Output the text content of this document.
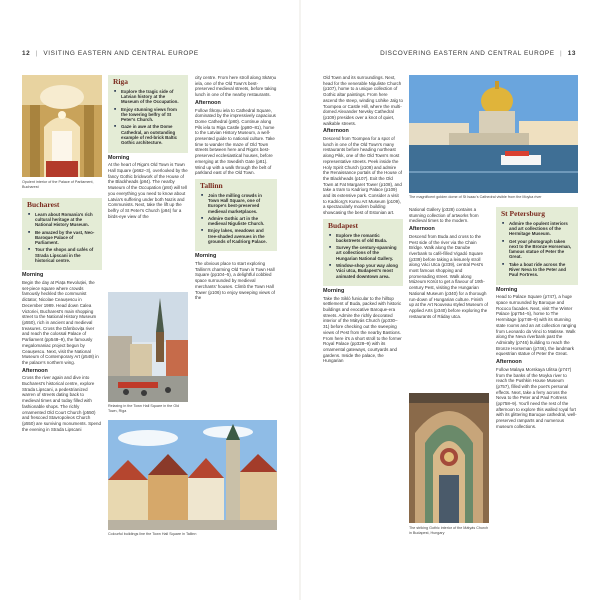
12 | VISITING EASTERN AND CENTRAL EUROPE
Opulent interior of the Palace of Parliament, Bucharest
Bucharest
■ Learn about Romania's rich cultural heritage at the National History Museum.
■ Be amazed by the vast, Neo-Baroque Palace of Parliament.
■ Tour the shops and cafés of Strada Lipscani in the historical centre.
Morning

Begin the day at Piața Revoluției, the set-piece square where crowds famously heckled the communist dictator, Nicolae Ceaușescu in December 1989. Head down Calea Victoriei, Bucharest's main shopping street to the National History Museum (p550), rich in ancient and medieval treasures. Cross the Dâmbovița river and reach the colossal Palace of Parliament (pp548–9), the famously megalomaniac project begun by Ceaușescu. Next, visit the National Museum of Contemporary Art (p548) in the palace's northern wing.

Afternoon

Cross the river again and dive into Bucharest's historical centre, explore Strada Lipscani, a pedestrianized warren of streets dating back to medieval times and today filled with fashionable shops. The richly ornamented Old Court Church (p550) and frescoed Stavropoleos Church (p550) are surviving monuments. Spend the evening in Strada Lipscani

Riga
■ Explore the tragic side of Latvian history at the Museum of the Occupation.
■ Enjoy stunning views from the towering belfry of St Peter's Church.
■ Gaze in awe at the Dome Cathedral, an outstanding example of red-brick Baltic Gothic architecture.
Morning

At the heart of Riga's Old Town is Town Hall Square (p662–3), overlooked by the fancy Gothic brickwork of the House of the Blackheads (p84). The nearby Museum of the Occupation (p84) will tell you everything you need to know about Latvia's suffering under both Nazis and Communists. Next, take the lift up the belfry of St Peter's Church (p84) for a birds-eye view of the

Relaxing in the Town Hall Square in the Old Town, Riga

city centre. From here stroll along Skārņu iela, one of the Old Town's best-preserved medieval streets, before taking lunch in one of the nearby restaurants.

Afternoon

Follow Škūņu iela to Cathedral Square, dominated by the impressively capacious Dome Cathedral (p80). Continue along Pils iela to Riga Castle (pp80–81), home to the Latvian History Museum, a well-presented guide to national culture. Take time to wander the maze of Old Town streets between here and Riga's best-preserved ecclesiastical houses, before emerging at the Swedish Gate (p81). Wind up with a walk through the belt of parkland east of the Old Town.

Tallinn
■ Join the milling crowds in Town Hall Square, one of Europe's best-preserved medieval marketplaces.
■ Admire Gothic art in the medieval Niguliste Church.
■ Enjoy lakes, meadows and tree-shaded avenues in the grounds of Kadriorg Palace.
Morning

The obvious place to start exploring Tallinn's charming Old Town is Town Hall Square (pp104–5), a delightful cobbled space surrounded by medieval merchants' houses. Climb the Town Hall Tower (p106) to enjoy sweeping views of the

Colourful buildings line the Town Hall Square in Tallinn
DISCOVERING EASTERN AND CENTRAL EUROPE | 13

Old Town and its surroundings. Next, head for the venerable Niguliste Church (p107), home to a unique collection of Gothic altar paintings. From here ascend the steep, winding Lühike Jalg to Toompea or Castle Hill, where the multi-domed Alexander Nevsky Cathedral (p109) presides over a knot of quiet, walkable streets.

Afternoon

Descend from Toompea for a spot of lunch in one of the Old Town's many restaurants before heading northeast along Pikk, one of the Old Town's most representative streets. Peek inside the Holy Spirit Church (p108) and admire the Renaissance portals of the House of the Blackheads (p107). Exit the Old Town at Fat Margaret Tower (p108), and take a tram to Kadriorg Palace (p109) and its extensive park. Consider a visit to Kadriorg's Kumu Art Museum (p109), a spectacularly modern building showcasing the best of Estonian art.

Budapest
■ Explore the romantic backstreets of old Buda.
■ Survey the century-spanning art collections of the Hungarian National Gallery.
■ Window-shop your way along Váci utca, Budapest's most animated downtown area.
Morning

Take the Sikló funicular to the hilltop settlement of Buda, packed with historic buildings and evocative Baroque-era streets. Admire the richly decorated interior of the Mátyás Church (pp330–31) before checking out the sweeping views of Pest from the nearby Bastions. From here it's a short stroll to the former Royal Palace (pp328–9) with its ornamental gateways, courtyards and gardens. Inside the palace, the Hungarian

The magnificent golden dome of St Isaac's Cathedral visible from the Moyka river

National Gallery (p328) contains a stunning collection of artworks from medieval times to the modern.

Afternoon

Descend from Buda and cross to the Pest side of the river via the Chain Bridge. Walk along the Danube riverbank to café-filled Vigadó Square (p339) before taking a leisurely stroll along Váci Utca (p339), central Pest's most famous shopping and promenading street. Walk along Múzeum Körút to get a flavour of 19th-century Pest, visiting the Hungarian National Museum (p340) for a thorough run-down of Hungarian culture. Finish up at the Art Nouveau styled Museum of Applied Arts (p340) before exploring the restaurants of Ráday utca.

The striking Gothic interior of the Mátyás Church in Budapest, Hungary
St Petersburg
■ Admire the opulent interiors and art collections of the Hermitage Museum.
■ Get your photograph taken next to the Bronze Horseman, famous statue of Peter the Great.
■ Take a boat ride across the River Neva to the Peter and Paul Fortress.
Morning

Head to Palace Square (p747), a huge space surrounded by Baroque and Rococo facades. Next, visit The Winter Palace (pp754–5), home to The Hermitage (pp748–9) with its stunning state rooms and an art collection ranging from Leonardo da Vinci to Matisse. Walk along the Neva riverbank past the Admiralty (p746) building to reach the Bronze Horseman (p746), the landmark equestrian statue of Peter the Great.

Afternoon

Follow Malaya Morskaya Ulitsa (p747) from the banks of the Moyka river to reach the Pushkin House Museum (p757), filled with the poet's personal effects. Next, take a ferry across the Neva to the Peter and Paul Fortress (pp758–9). You'll need the rest of the afternoon to explore this walled royal fort with its glittering Baroque cathedral, well-preserved ramparts and numerous museum collections.
